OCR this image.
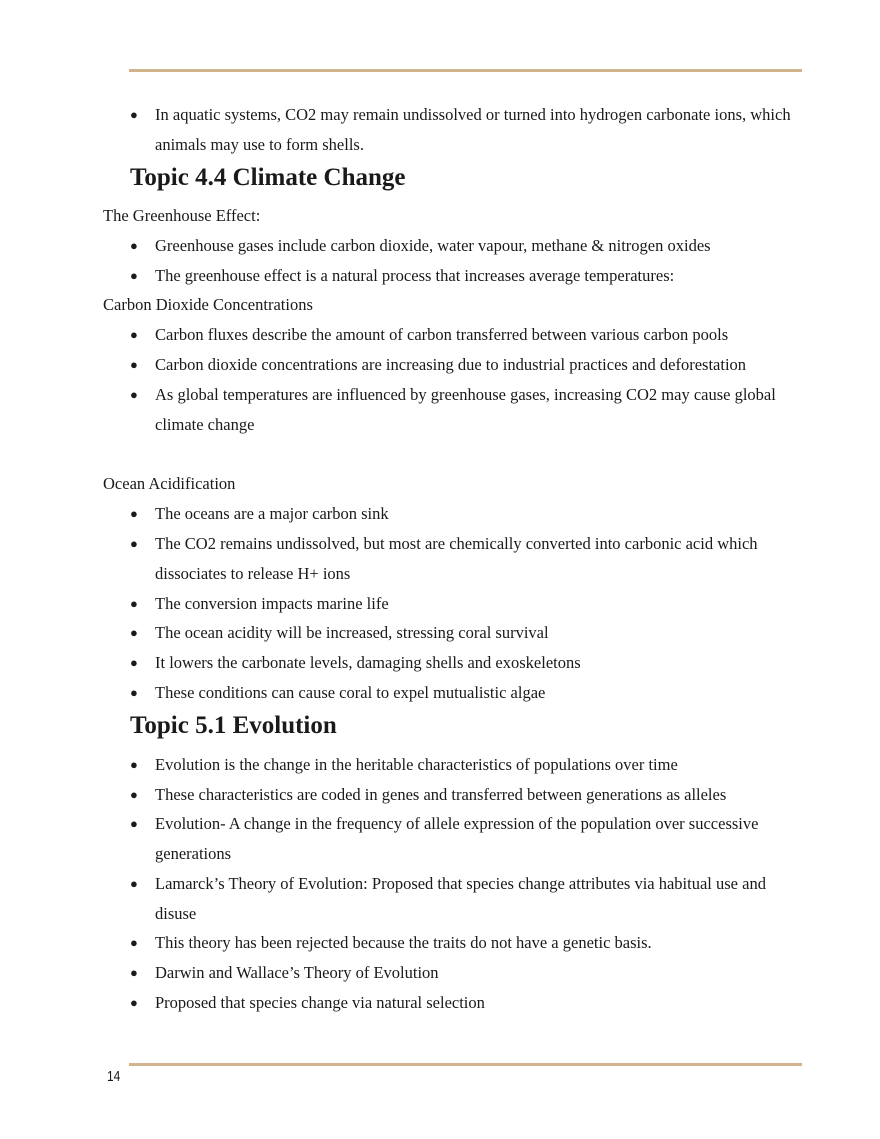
●	In aquatic systems, CO2 may remain undissolved or turned into hydrogen carbonate ions, which animals may use to form shells.
Topic 4.4 Climate Change
The Greenhouse Effect:
●	Greenhouse gases include carbon dioxide, water vapour, methane & nitrogen oxides
●	The greenhouse effect is a natural process that increases average temperatures:
Carbon Dioxide Concentrations
●	Carbon fluxes describe the amount of carbon transferred between various carbon pools
●	Carbon dioxide concentrations are increasing due to industrial practices and deforestation
●	As global temperatures are influenced by greenhouse gases, increasing CO2 may cause global climate change
Ocean Acidification
●	The oceans are a major carbon sink
●	The CO2 remains undissolved, but most are chemically converted into carbonic acid which dissociates to release H+ ions
●	The conversion impacts marine life
●	The ocean acidity will be increased, stressing coral survival
●	It lowers the carbonate levels, damaging shells and exoskeletons
●	These conditions can cause coral to expel mutualistic algae
Topic 5.1 Evolution
●	Evolution is the change in the heritable characteristics of populations over time
●	These characteristics are coded in genes and transferred between generations as alleles
●	Evolution- A change in the frequency of allele expression of the population over successive generations
●	Lamarck’s Theory of Evolution: Proposed that species change attributes via habitual use and disuse
●	This theory has been rejected because the traits do not have a genetic basis.
●	Darwin and Wallace’s Theory of Evolution
●	Proposed that species change via natural selection
14
